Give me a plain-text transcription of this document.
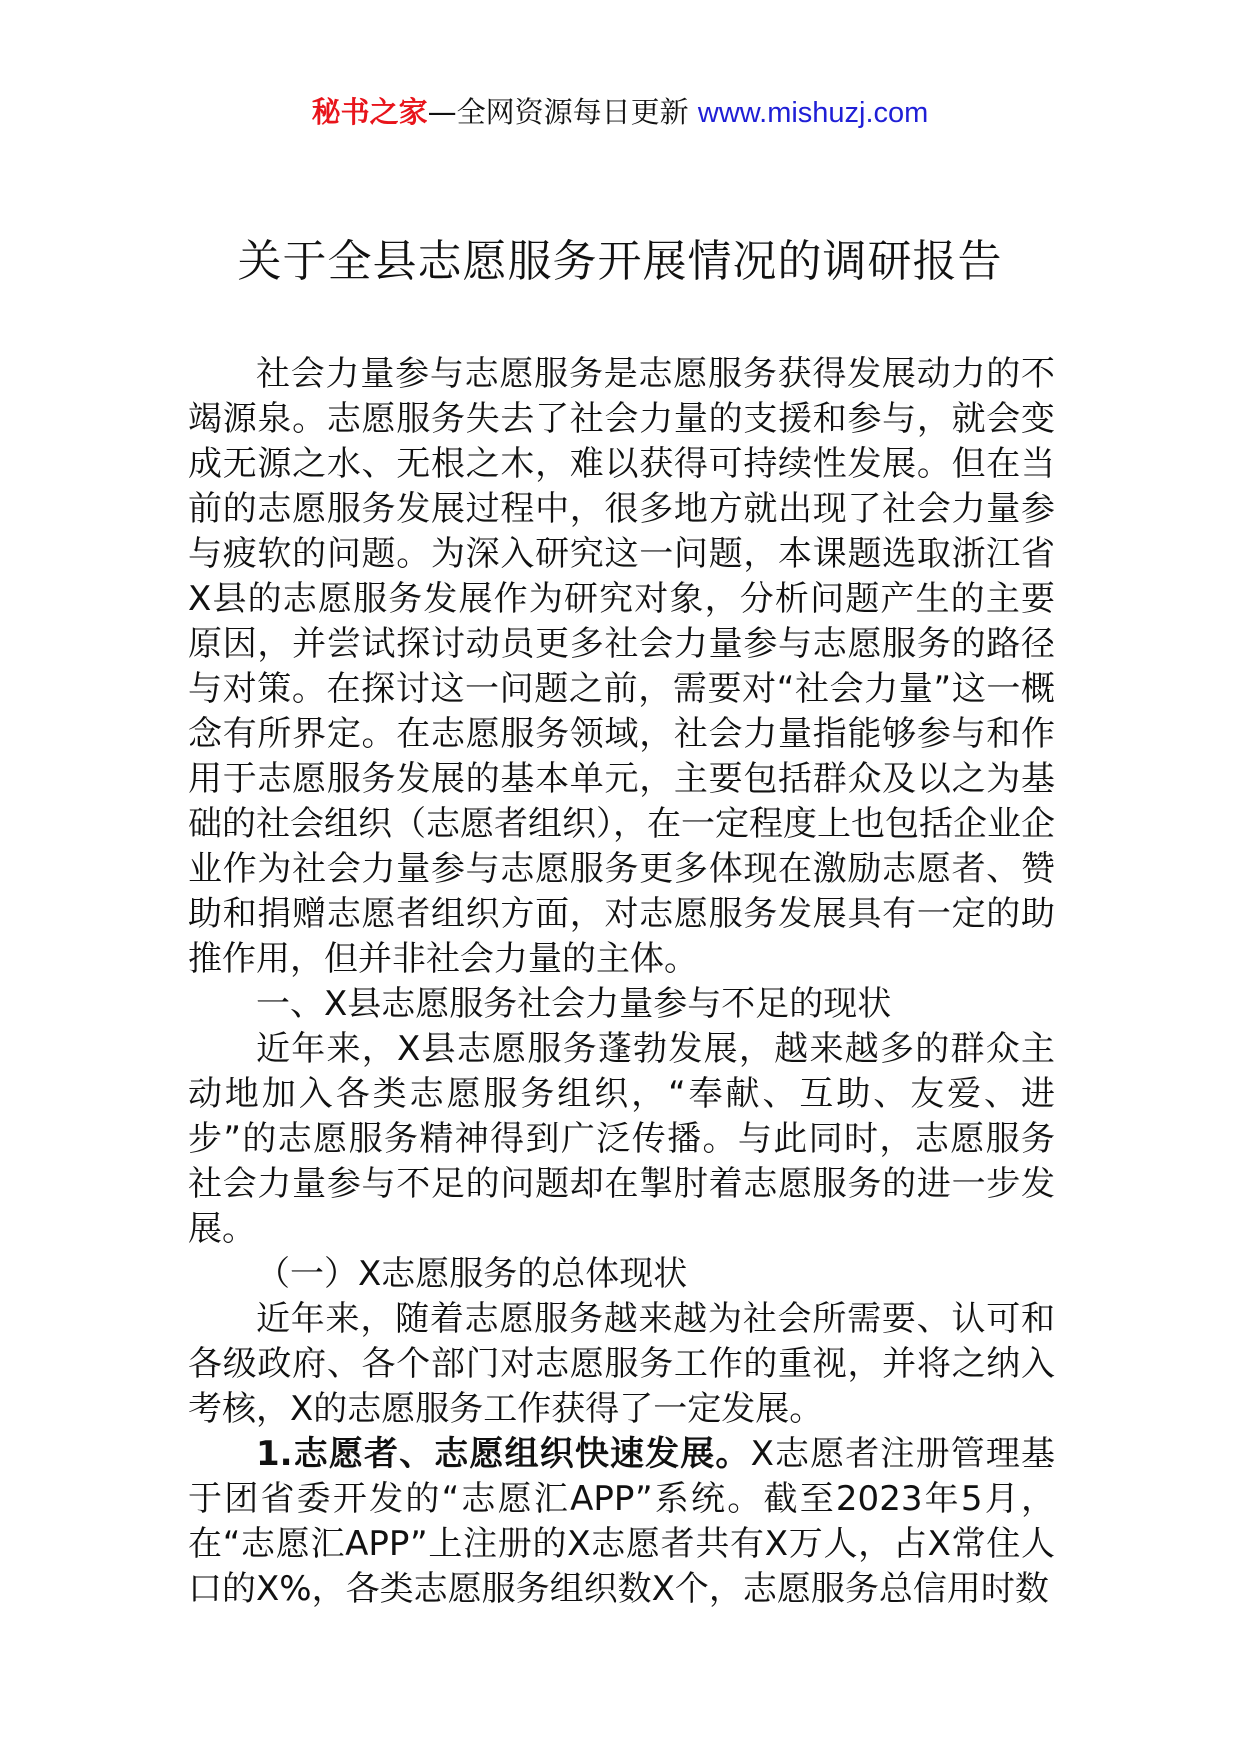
秘书之家—全网资源每日更新 www.mishuzj.com
关于全县志愿服务开展情况的调研报告

社会力量参与志愿服务是志愿服务获得发展动力的不竭源泉。志愿服务失去了社会力量的支援和参与，就会变成无源之水、无根之木，难以获得可持续性发展。但在当前的志愿服务发展过程中，很多地方就出现了社会力量参与疲软的问题。为深入研究这一问题，本课题选取浙江省X县的志愿服务发展作为研究对象，分析问题产生的主要原因，并尝试探讨动员更多社会力量参与志愿服务的路径与对策。在探讨这一问题之前，需要对“社会力量”这一概念有所界定。在志愿服务领域，社会力量指能够参与和作用于志愿服务发展的基本单元，主要包括群众及以之为基础的社会组织（志愿者组织），在一定程度上也包括企业企业作为社会力量参与志愿服务更多体现在激励志愿者、赞助和捐赠志愿者组织方面，对志愿服务发展具有一定的助推作用，但并非社会力量的主体。

一、X县志愿服务社会力量参与不足的现状

近年来，X县志愿服务蓬勃发展，越来越多的群众主动地加入各类志愿服务组织，“奉献、互助、友爱、进步”的志愿服务精神得到广泛传播。与此同时，志愿服务社会力量参与不足的问题却在掣肘着志愿服务的进一步发展。

（一）X志愿服务的总体现状

近年来，随着志愿服务越来越为社会所需要、认可和各级政府、各个部门对志愿服务工作的重视，并将之纳入考核，X的志愿服务工作获得了一定发展。

1.志愿者、志愿组织快速发展。X志愿者注册管理基于团省委开发的“志愿汇APP”系统。截至2023年5月，在“志愿汇APP”上注册的X志愿者共有X万人，占X常住人口的X%，各类志愿服务组织数X个，志愿服务总信用时数
